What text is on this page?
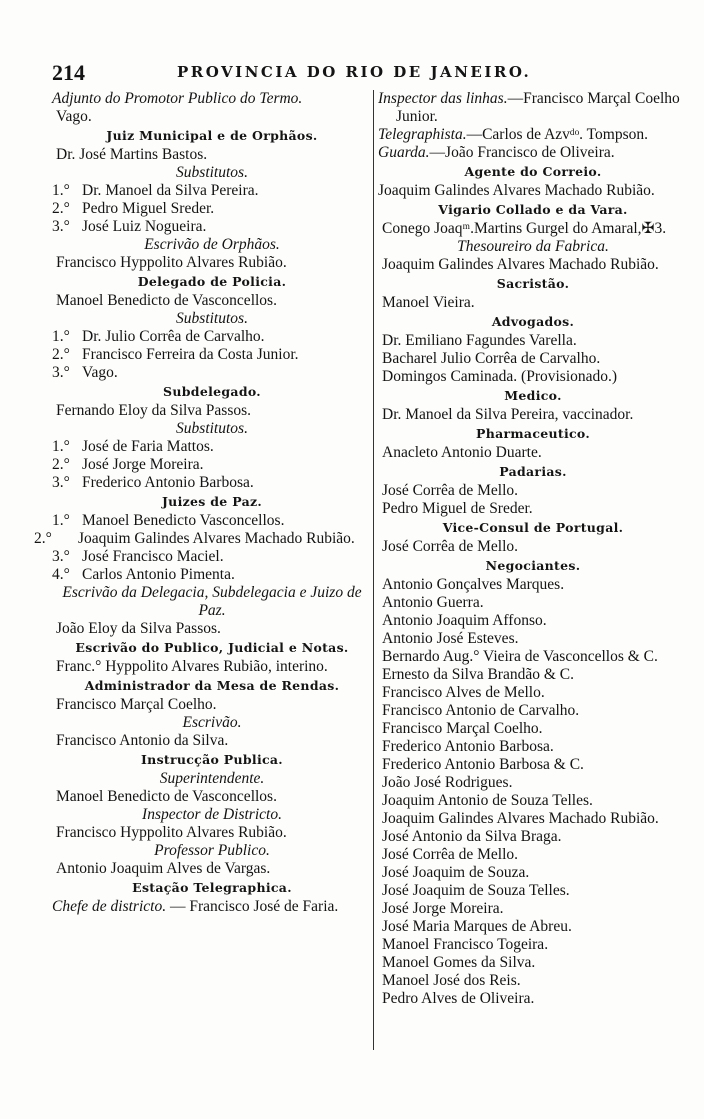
214	PROVINCIA DO RIO DE JANEIRO.
Adjunto do Promotor Publico do Termo.
Vago.
Juiz Municipal e de Orphãos.
Dr. José Martins Bastos.
Substitutos.
1.° Dr. Manoel da Silva Pereira.
2.° Pedro Miguel Sreder.
3.° José Luiz Nogueira.
Escrivão de Orphãos.
Francisco Hyppolito Alvares Rubião.
Delegado de Policia.
Manoel Benedicto de Vasconcellos.
Substitutos.
1.° Dr. Julio Corrêa de Carvalho.
2.° Francisco Ferreira da Costa Junior.
3.° Vago.
Subdelegado.
Fernando Eloy da Silva Passos.
Substitutos.
1.° José de Faria Mattos.
2.° José Jorge Moreira.
3.° Frederico Antonio Barbosa.
Juizes de Paz.
1.° Manoel Benedicto Vasconcellos.
2.° Joaquim Galindes Alvares Machado Rubião.
3.° José Francisco Maciel.
4.° Carlos Antonio Pimenta.
Escrivão da Delegacia, Subdelegacia e Juizo de Paz.
João Eloy da Silva Passos.
Escrivão do Publico, Judicial e Notas.
Franc.° Hyppolito Alvares Rubião, interino.
Administrador da Mesa de Rendas.
Francisco Marçal Coelho.
Escrivão.
Francisco Antonio da Silva.
Instrucção Publica.
Superintendente.
Manoel Benedicto de Vasconcellos.
Inspector de Districto.
Francisco Hyppolito Alvares Rubião.
Professor Publico.
Antonio Joaquim Alves de Vargas.
Estação Telegraphica.
Chefe de districto. — Francisco José de Faria.
Inspector das linhas.—Francisco Marçal Coelho Junior.
Telegraphista.—Carlos de Azvᵈᵒ. Tompson.
Guarda.—João Francisco de Oliveira.
Agente do Correio.
Joaquim Galindes Alvares Machado Rubião.
Vigario Collado e da Vara.
Conego Joaqᵐ.Martins Gurgel do Amaral,✠3.
Thesoureiro da Fabrica.
Joaquim Galindes Alvares Machado Rubião.
Sacristão.
Manoel Vieira.
Advogados.
Dr. Emiliano Fagundes Varella.
Bacharel Julio Corrêa de Carvalho.
Domingos Caminada. (Provisionado.)
Medico.
Dr. Manoel da Silva Pereira, vaccinador.
Pharmaceutico.
Anacleto Antonio Duarte.
Padarias.
José Corrêa de Mello.
Pedro Miguel de Sreder.
Vice-Consul de Portugal.
José Corrêa de Mello.
Negociantes.
Antonio Gonçalves Marques.
Antonio Guerra.
Antonio Joaquim Affonso.
Antonio José Esteves.
Bernardo Aug.° Vieira de Vasconcellos & C.
Ernesto da Silva Brandão & C.
Francisco Alves de Mello.
Francisco Antonio de Carvalho.
Francisco Marçal Coelho.
Frederico Antonio Barbosa.
Frederico Antonio Barbosa & C.
João José Rodrigues.
Joaquim Antonio de Souza Telles.
Joaquim Galindes Alvares Machado Rubião.
José Antonio da Silva Braga.
José Corrêa de Mello.
José Joaquim de Souza.
José Joaquim de Souza Telles.
José Jorge Moreira.
José Maria Marques de Abreu.
Manoel Francisco Togeira.
Manoel Gomes da Silva.
Manoel José dos Reis.
Pedro Alves de Oliveira.
